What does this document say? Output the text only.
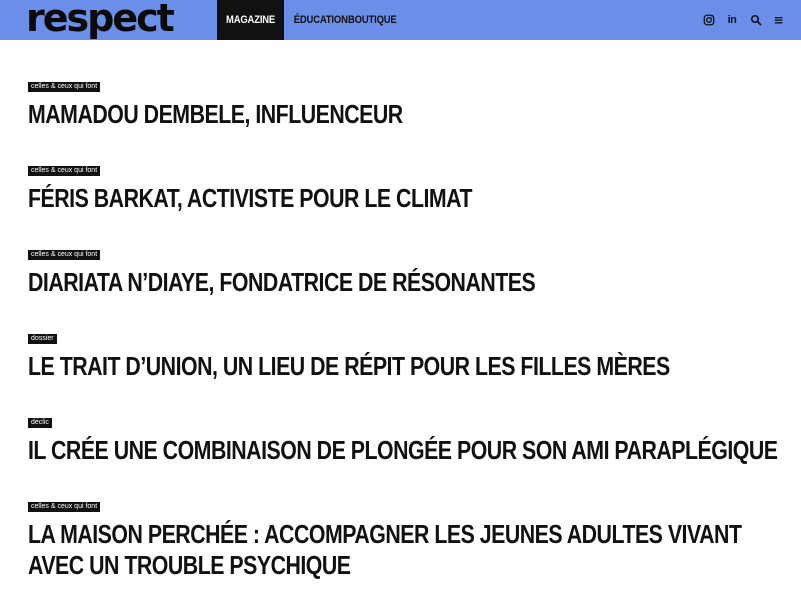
respect	MAGAZINE	ÉDUCATION BOUTIQUE	in	≡
celles & ceux qui font
MAMADOU DEMBELE, INFLUENCEUR
celles & ceux qui font
FÉRIS BARKAT, ACTIVISTE POUR LE CLIMAT
celles & ceux qui font
DIARIATA N’DIAYE, FONDATRICE DE RÉSONANTES
dossier
LE TRAIT D’UNION, UN LIEU DE RÉPIT POUR LES FILLES MÈRES
déclic
IL CRÉE UNE COMBINAISON DE PLONGÉE POUR SON AMI PARAPLÉGIQUE
celles & ceux qui font
LA MAISON PERCHÉE : ACCOMPAGNER LES JEUNES ADULTES VIVANT AVEC UN TROUBLE PSYCHIQUE
